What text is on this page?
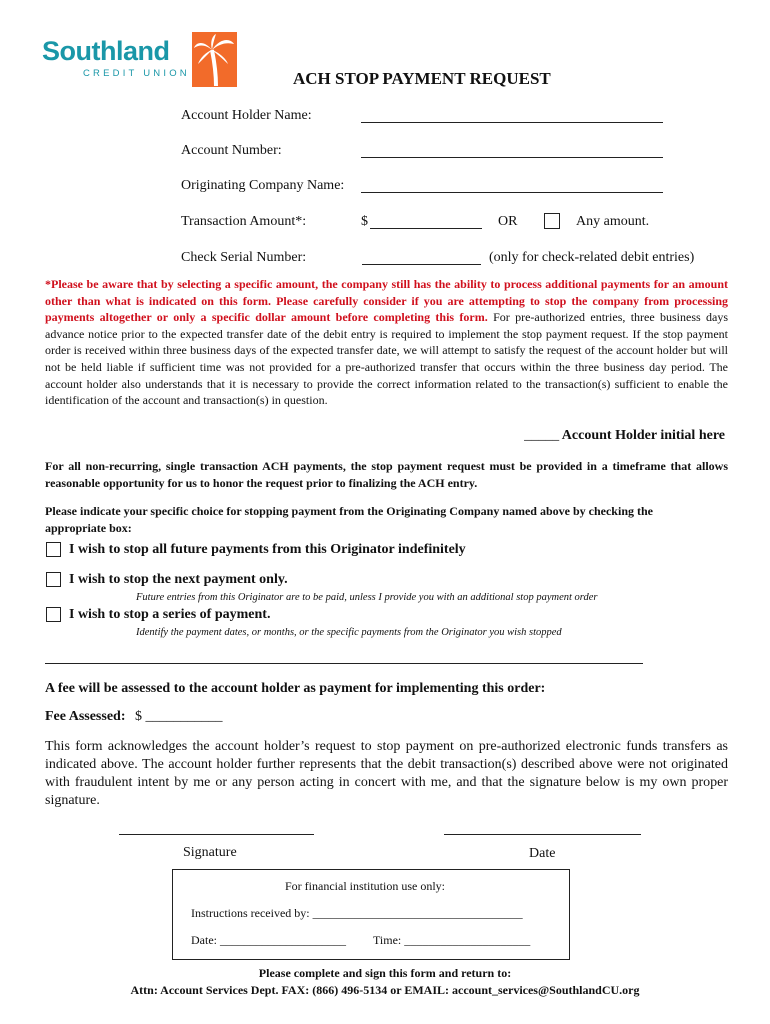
Southland
CREDIT UNION	ACH STOP PAYMENT REQUEST
Account Holder Name:
Account Number:
Originating Company Name:
Transaction Amount*:	$	OR	Any amount.
Check Serial Number:	(only for check-related debit entries)
*Please be aware that by selecting a specific amount, the company still has the ability to process additional payments for an amount other than what is indicated on this form. Please carefully consider if you are attempting to stop the company from processing payments altogether or only a specific dollar amount before completing this form. For pre-authorized entries, three business days advance notice prior to the expected transfer date of the debit entry is required to implement the stop payment request. If the stop payment order is received within three business days of the expected transfer date, we will attempt to satisfy the request of the account holder but will not be held liable if sufficient time was not provided for a pre-authorized transfer that occurs within the three business day period. The account holder also understands that it is necessary to provide the correct information related to the transaction(s) sufficient to enable the identification of the account and transaction(s) in question.
_____ Account Holder initial here
For all non-recurring, single transaction ACH payments, the stop payment request must be provided in a timeframe that allows reasonable opportunity for us to honor the request prior to finalizing the ACH entry.
Please indicate your specific choice for stopping payment from the Originating Company named above by checking the appropriate box:
I wish to stop all future payments from this Originator indefinitely
I wish to stop the next payment only.
Future entries from this Originator are to be paid, unless I provide you with an additional stop payment order
I wish to stop a series of payment.
Identify the payment dates, or months, or the specific payments from the Originator you wish stopped
A fee will be assessed to the account holder as payment for implementing this order:
Fee Assessed: $ ___________
This form acknowledges the account holder’s request to stop payment on pre-authorized electronic funds transfers as indicated above. The account holder further represents that the debit transaction(s) described above were not originated with fraudulent intent by me or any person acting in concert with me, and that the signature below is my own proper signature.
Signature	Date
For financial institution use only:
Instructions received by: ___________________________________
Date: _____________________ Time: _____________________
Please complete and sign this form and return to:
Attn: Account Services Dept. FAX: (866) 496-5134 or EMAIL: account_services@SouthlandCU.org
